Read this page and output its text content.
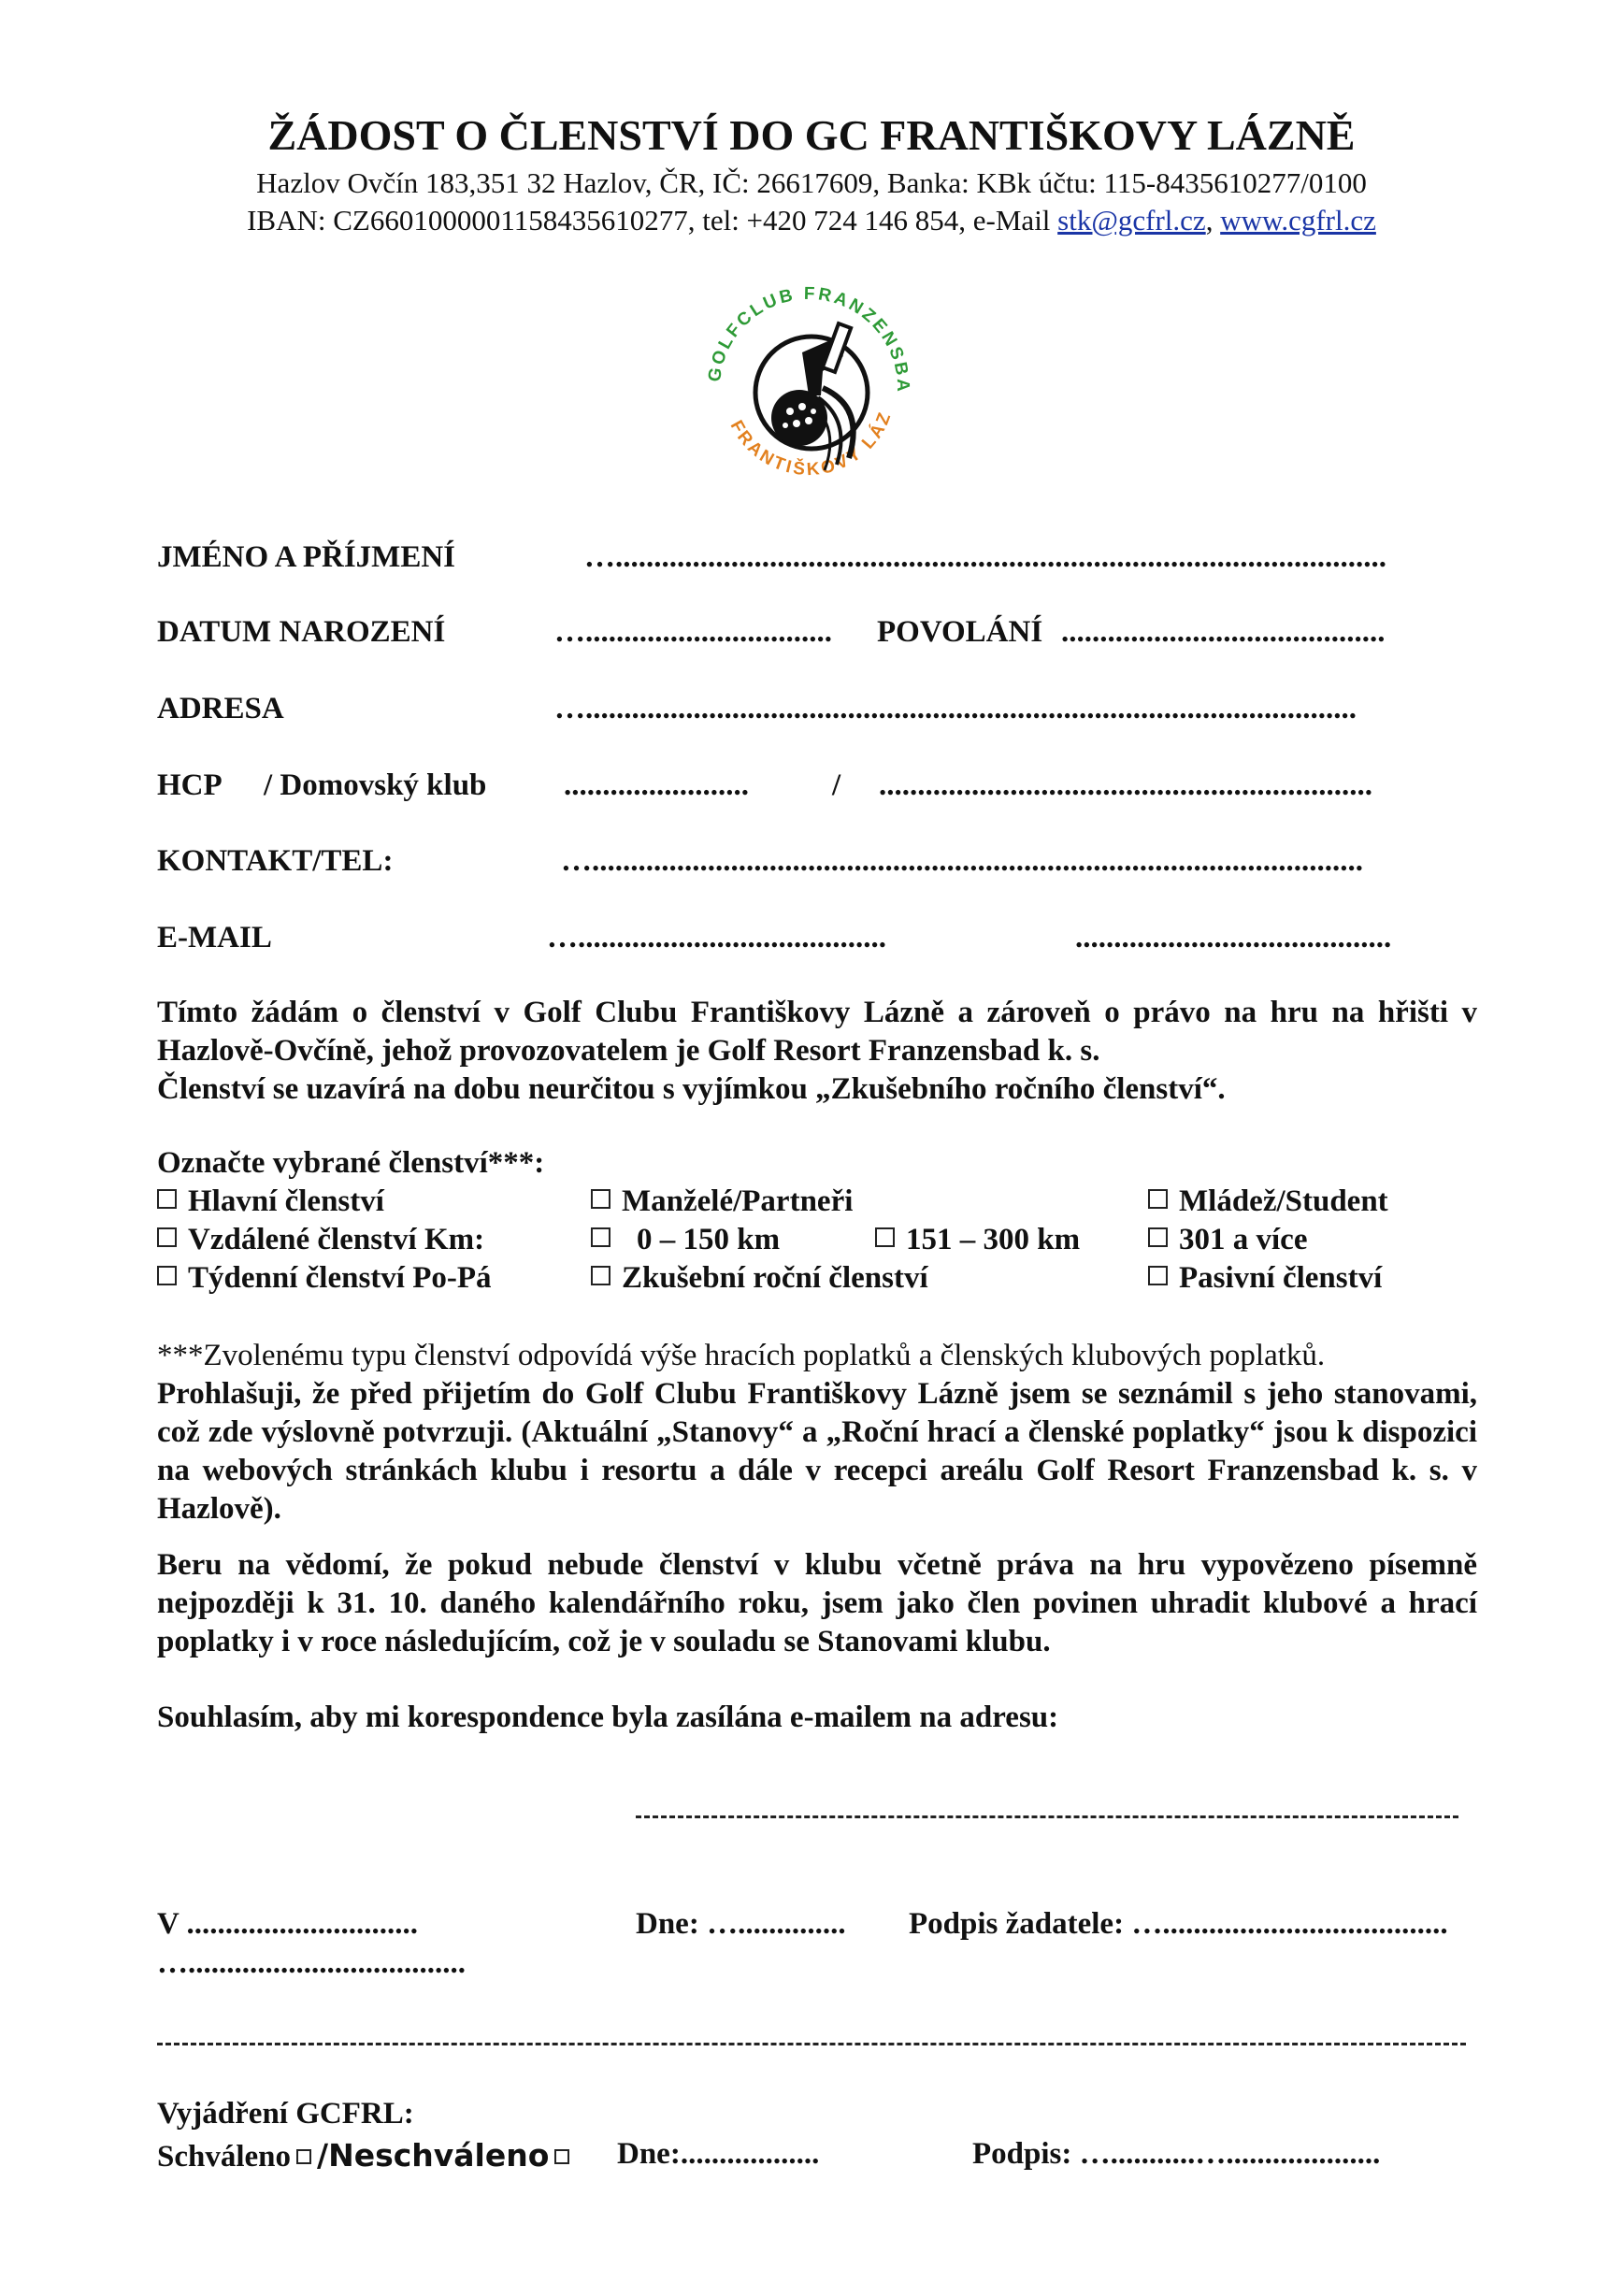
ŽÁDOST O ČLENSTVÍ DO GC FRANTIŠKOVY LÁZNĚ
Hazlov Ovčín 183,351 32 Hazlov, ČR, IČ: 26617609, Banka: KBk účtu: 115-8435610277/0100
IBAN: CZ6601000001158435610277, tel: +420 724 146 854, e-Mail stk@gcfrl.cz, www.cgfrl.cz
GOLFCLUB FRANZENSBA
FRANTIŠKOVY LÁZ
JMÉNO A PŘÍJMENÍ	…....................................................................................................
DATUM NAROZENÍ	…................................ POVOLÁNÍ ..........................................
ADRESA	…....................................................................................................
HCP / Domovský klub	........................	/ ................................................................
KONTAKT/TEL:	…....................................................................................................
E-MAIL	…........................................	.........................................
Tímto žádám o členství v Golf Clubu Františkovy Lázně a zároveň o právo na hru na hřišti v Hazlově-Ovčíně, jehož provozovatelem je Golf Resort Franzensbad k. s.
Členství se uzavírá na dobu neurčitou s vyjímkou „Zkušebního ročního členství“.
Označte vybrané členství***:
Hlavní členství	Manželé/Partneři	Mládež/Student
Vzdálené členství Km:	0 – 150 km	151 – 300 km	301 a více
Týdenní členství Po-Pá	Zkušební roční členství	Pasivní členství
***Zvolenému typu členství odpovídá výše hracích poplatků a členských klubových poplatků.
Prohlašuji, že před přijetím do Golf Clubu Františkovy Lázně jsem se seznámil s jeho stanovami, což zde výslovně potvrzuji. (Aktuální „Stanovy“ a „Roční hrací a členské poplatky“ jsou k dispozici na webových stránkách klubu i resortu a dále v recepci areálu Golf Resort Franzensbad k. s. v Hazlově).
Beru na vědomí, že pokud nebude členství v klubu včetně práva na hru vypovězeno písemně nejpozději k 31. 10. daného kalendářního roku, jsem jako člen povinen uhradit klubové a hrací poplatky i v roce následujícím, což je v souladu se Stanovami klubu.
Souhlasím, aby mi korespondence byla zasílána e-mailem na adresu:
V ..............................
…....................................
Dne: ….............. Podpis žadatele: ….....................................
Vyjádření GCFRL:
Schváleno /Neschváleno	Dne:..................	Podpis: …...........…....................
